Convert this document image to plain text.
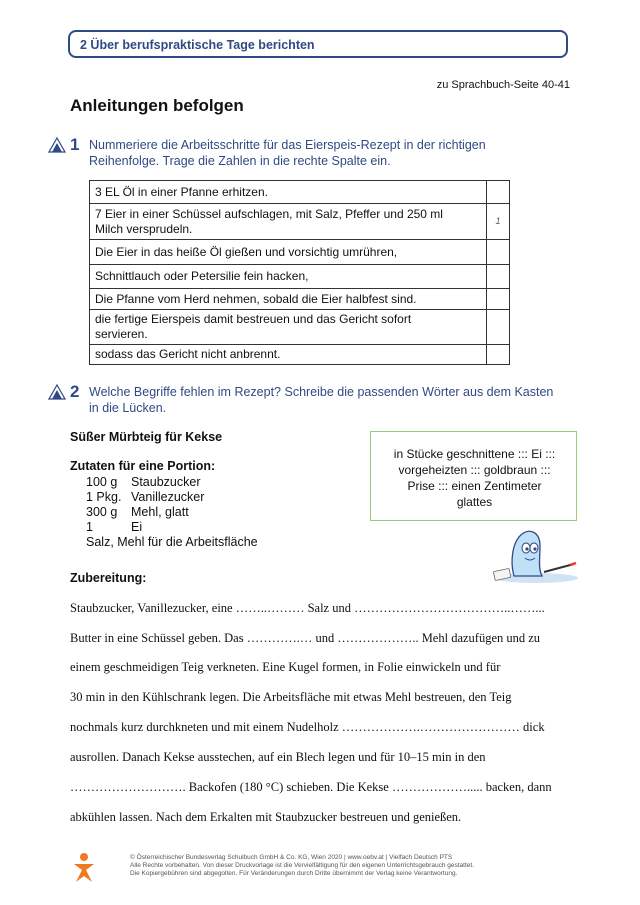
2 Über berufspraktische Tage berichten
zu Sprachbuch-Seite 40-41
Anleitungen befolgen
1 Nummeriere die Arbeitsschritte für das Eierspeis-Rezept in der richtigen
Reihenfolge. Trage die Zahlen in die rechte Spalte ein.
3 EL Öl in einer Pfanne erhitzen.	

7 Eier in einer Schüssel aufschlagen, mit Salz, Pfeffer und 250 ml
Milch versprudeln.	1
Die Eier in das heiße Öl gießen und vorsichtig umrühren,	
Schnittlauch oder Petersilie fein hacken,	
Die Pfanne vom Herd nehmen, sobald die Eier halbfest sind.	

die fertige Eierspeis damit bestreuen und das Gericht sofort
servieren.	

sodass das Gericht nicht anbrennt.	
2 Welche Begriffe fehlen im Rezept? Schreibe die passenden Wörter aus dem Kasten
in die Lücken.
Süßer Mürbteig für Kekse
Zutaten für eine Portion:
100 g Staubzucker
1 Pkg. Vanillezucker
300 g Mehl, glatt
1	Ei
Salz, Mehl für die Arbeitsfläche
in Stücke geschnittene ::: Ei :::
vorgeheizten ::: goldbraun :::
Prise ::: einen Zentimeter
glattes
Zubereitung:
Staubzucker, Vanillezucker, eine ……..……… Salz und ………………………………..……...
Butter in eine Schüssel geben. Das ………….… und ……………….. Mehl dazufügen und zu
einem geschmeidigen Teig verkneten. Eine Kugel formen, in Folie einwickeln und für
30 min in den Kühlschrank legen. Die Arbeitsfläche mit etwas Mehl bestreuen, den Teig
nochmals kurz durchkneten und mit einem Nudelholz ……………….…………………… dick
ausrollen. Danach Kekse ausstechen, auf ein Blech legen und für 10–15 min in den
………………………. Backofen (180 °C) schieben. Die Kekse ………………..... backen, dann
abkühlen lassen. Nach dem Erkalten mit Staubzucker bestreuen und genießen.
© Österreichischer Bundesverlag Schulbuch GmbH & Co. KG, Wien 2020 | www.oebv.at | Vielfach Deutsch PTS
Alle Rechte vorbehalten. Von dieser Druckvorlage ist die Vervielfältigung für den eigenen Unterrichtsgebrauch gestattet.
Die Kopiergebühren sind abgegolten. Für Veränderungen durch Dritte übernimmt der Verlag keine Verantwortung.
